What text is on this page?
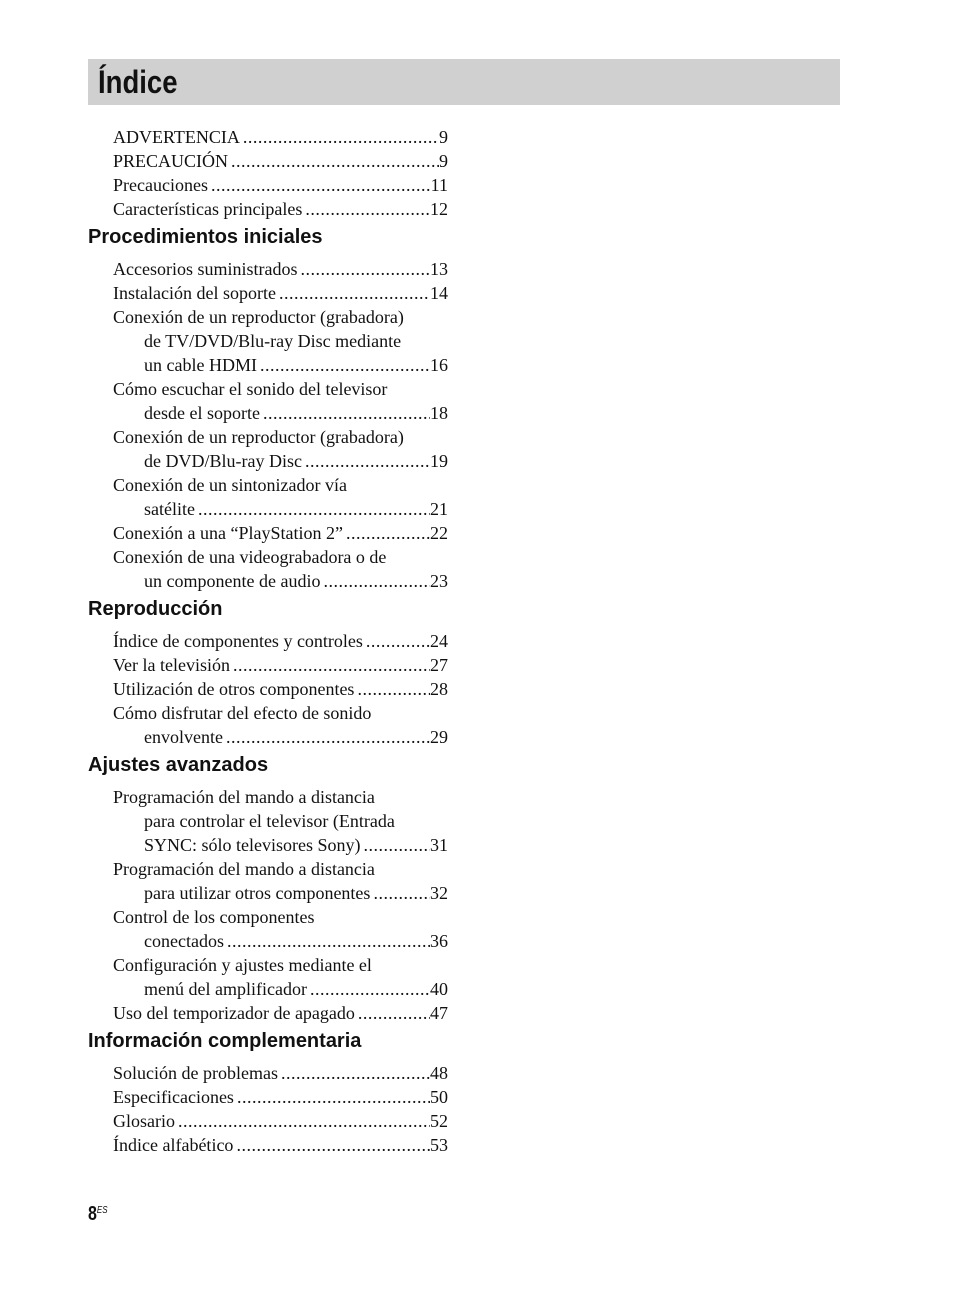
Índice
ADVERTENCIA .....	9
PRECAUCIÓN .....	9
Precauciones .....	11
Características principales .....	12
Procedimientos iniciales
Accesorios suministrados .....	13
Instalación del soporte .....	14
Conexión de un reproductor (grabadora)
de TV/DVD/Blu-ray Disc mediante
un cable HDMI .....	16
Cómo escuchar el sonido del televisor
desde el soporte .....	18
Conexión de un reproductor (grabadora)
de DVD/Blu-ray Disc .....	19
Conexión de un sintonizador vía
satélite .....	21
Conexión a una “PlayStation 2” .....	22
Conexión de una videograbadora o de
un componente de audio .....	23
Reproducción
Índice de componentes y controles .....	24
Ver la televisión .....	27
Utilización de otros componentes .....	28
Cómo disfrutar del efecto de sonido
envolvente .....	29
Ajustes avanzados
Programación del mando a distancia
para controlar el televisor (Entrada
SYNC: sólo televisores Sony) .....	31
Programación del mando a distancia
para utilizar otros componentes .....	32
Control de los componentes
conectados .....	36
Configuración y ajustes mediante el
menú del amplificador .....	40
Uso del temporizador de apagado .....	47
Información complementaria
Solución de problemas .....	48
Especificaciones .....	50
Glosario .....	52
Índice alfabético .....	53
$8^{ES}$
